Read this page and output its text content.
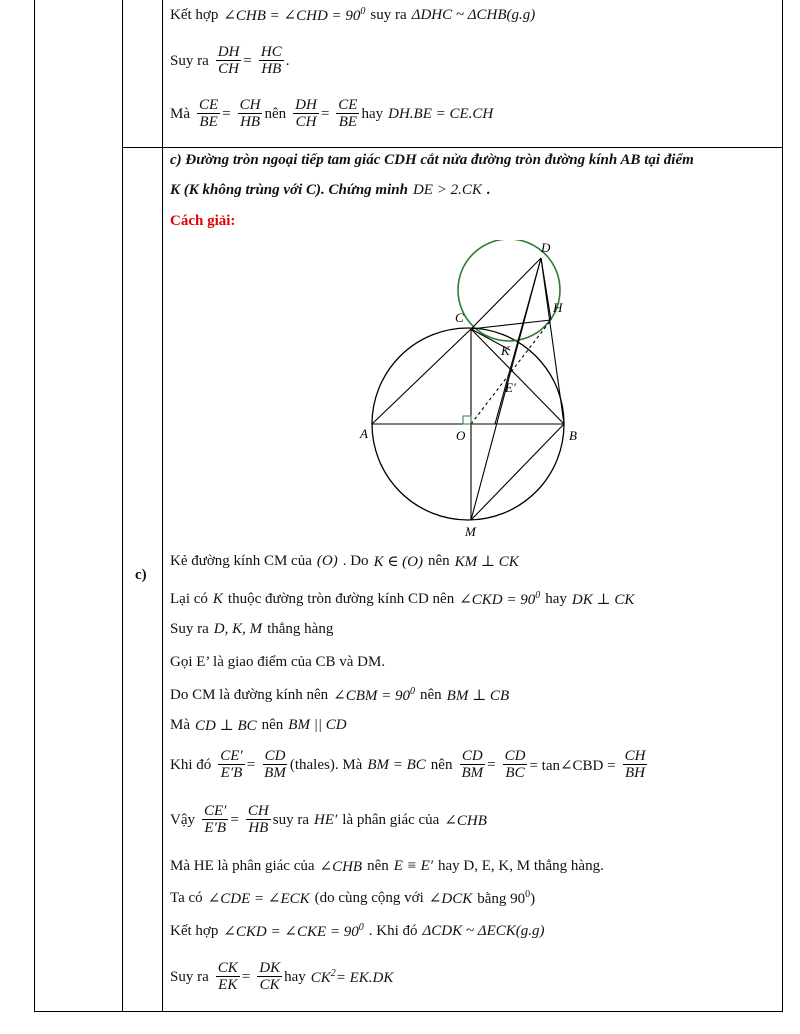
Kết hợp ∠CHB = ∠CHD = $90^0$ suy ra ΔDHC ~ ΔCHB(g.g)
Suy ra $\frac{DH}{CH} = \frac{HC}{HB}$ .
Mà $\frac{CE}{BE} = \frac{CH}{HB}$ nên $\frac{DH}{CH} = \frac{CE}{BE}$ hay DH.BE = CE.CH
c)
c) Đường tròn ngoại tiếp tam giác CDH cắt nửa đường tròn đường kính AB tại điểm
K (K không trùng với C). Chứng minh DE > 2.CK .
Cách giải:
A	B
C
D
H
K
E′
O
M
Kẻ đường kính CM của (O) . Do K ∈ (O) nên KM ⊥ CK
Lại có K thuộc đường tròn đường kính CD nên ∠CKD = $90^0$ hay DK ⊥ CK
Suy ra D, K, M thẳng hàng
Gọi E’ là giao điểm của CB và DM.
Do CM là đường kính nên ∠CBM = $90^0$ nên BM ⊥ CB
Mà CD ⊥ BC nên BM || CD
Khi đó $\frac{CE'}{E'B} = \frac{CD}{BM}$ (thales). Mà BM = BC nên $\frac{CD}{BM} = \frac{CD}{BC}$ = tan∠CBD = $\frac{CH}{BH}$
Vậy $\frac{CE'}{E'B} = \frac{CH}{HB}$ suy ra HE′ là phân giác của ∠CHB
Mà HE là phân giác của ∠CHB nên E ≡ E′ hay D, E, K, M thẳng hàng.
Ta có ∠CDE = ∠ECK (do cùng cộng với ∠DCK bằng $90^0$)
Kết hợp ∠CKD = ∠CKE = $90^0$ . Khi đó ΔCDK ~ ΔECK(g.g)
Suy ra $\frac{CK}{EK} = \frac{DK}{CK}$ hay $CK^2= EK.DK$
